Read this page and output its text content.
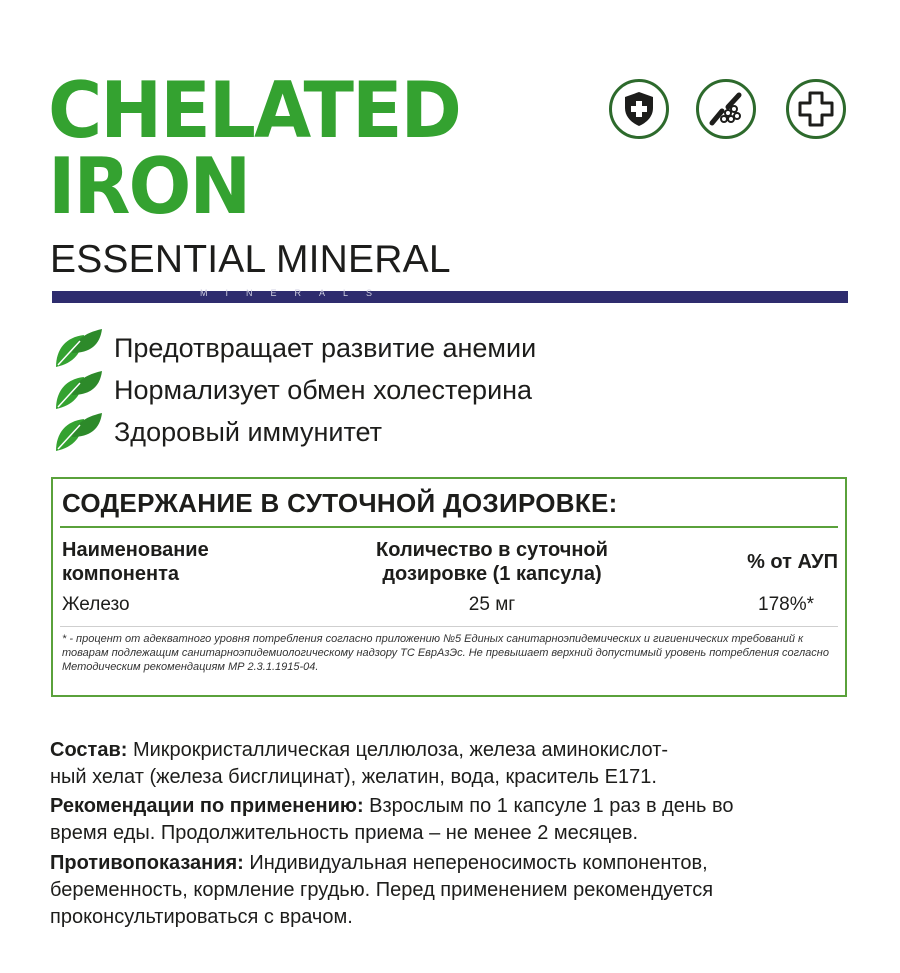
CHELATED
IRON
ESSENTIAL MINERAL
MINERALS
Предотвращает развитие анемии
Нормализует обмен холестерина
Здоровый иммунитет
СОДЕРЖАНИЕ В СУТОЧНОЙ ДОЗИРОВКЕ:
Наименование
компонента
Количество в суточной
дозировке (1 капсула)
% от АУП
Железо	25 мг	178%*
* - процент от адекватного уровня потребления согласно приложению №5 Единых санитарноэпидемических и гигиенических требований к товарам подлежащим санитарноэпидемиологическому надзору ТС ЕврАзЭс. Не превышает верхний допустимый уровень потребления согласно Методическим рекомендациям МР 2.3.1.1915-04.
Состав: Микрокристаллическая целлюлоза, железа аминокислот-
ный хелат (железа бисглицинат), желатин, вода, краситель Е171.
Рекомендации по применению: Взрослым по 1 капсуле 1 раз в день во
время еды. Продолжительность приема – не менее 2 месяцев.
Противопоказания: Индивидуальная непереносимость компонентов,
беременность, кормление грудью. Перед применением рекомендуется
проконсультироваться с врачом.
